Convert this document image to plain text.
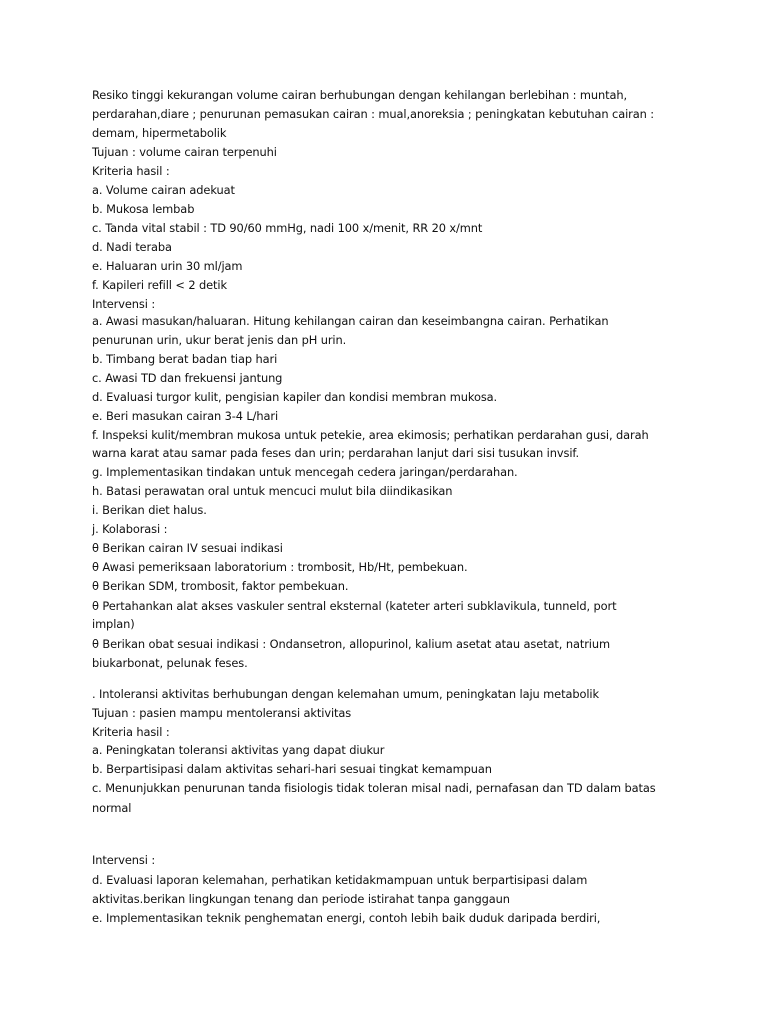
Resiko tinggi kekurangan volume cairan berhubungan dengan kehilangan berlebihan : muntah,
perdarahan,diare ; penurunan pemasukan cairan : mual,anoreksia ; peningkatan kebutuhan cairan :
demam, hipermetabolik
Tujuan : volume cairan terpenuhi
Kriteria hasil :
a. Volume cairan adekuat
b. Mukosa lembab
c. Tanda vital stabil : TD 90/60 mmHg, nadi 100 x/menit, RR 20 x/mnt
d. Nadi teraba
e. Haluaran urin 30 ml/jam
f. Kapileri refill < 2 detik
Intervensi :
a. Awasi masukan/haluaran. Hitung kehilangan cairan dan keseimbangna cairan. Perhatikan
penurunan urin, ukur berat jenis dan pH urin.
b. Timbang berat badan tiap hari
c. Awasi TD dan frekuensi jantung
d. Evaluasi turgor kulit, pengisian kapiler dan kondisi membran mukosa.
e. Beri masukan cairan 3-4 L/hari
f. Inspeksi kulit/membran mukosa untuk petekie, area ekimosis; perhatikan perdarahan gusi, darah
warna karat atau samar pada feses dan urin; perdarahan lanjut dari sisi tusukan invsif.
g. Implementasikan tindakan untuk mencegah cedera jaringan/perdarahan.
h. Batasi perawatan oral untuk mencuci mulut bila diindikasikan
i. Berikan diet halus.
j. Kolaborasi :
θ Berikan cairan IV sesuai indikasi
θ Awasi pemeriksaan laboratorium : trombosit, Hb/Ht, pembekuan.
θ Berikan SDM, trombosit, faktor pembekuan.
θ Pertahankan alat akses vaskuler sentral eksternal (kateter arteri subklavikula, tunneld, port
implan)
θ Berikan obat sesuai indikasi : Ondansetron, allopurinol, kalium asetat atau asetat, natrium
biukarbonat, pelunak feses.
. Intoleransi aktivitas berhubungan dengan kelemahan umum, peningkatan laju metabolik
Tujuan : pasien mampu mentoleransi aktivitas
Kriteria hasil :
a. Peningkatan toleransi aktivitas yang dapat diukur
b. Berpartisipasi dalam aktivitas sehari-hari sesuai tingkat kemampuan
c. Menunjukkan penurunan tanda fisiologis tidak toleran misal nadi, pernafasan dan TD dalam batas
normal
Intervensi :
d. Evaluasi laporan kelemahan, perhatikan ketidakmampuan untuk berpartisipasi dalam
aktivitas.berikan lingkungan tenang dan periode istirahat tanpa ganggaun
e. Implementasikan teknik penghematan energi, contoh lebih baik duduk daripada berdiri,
